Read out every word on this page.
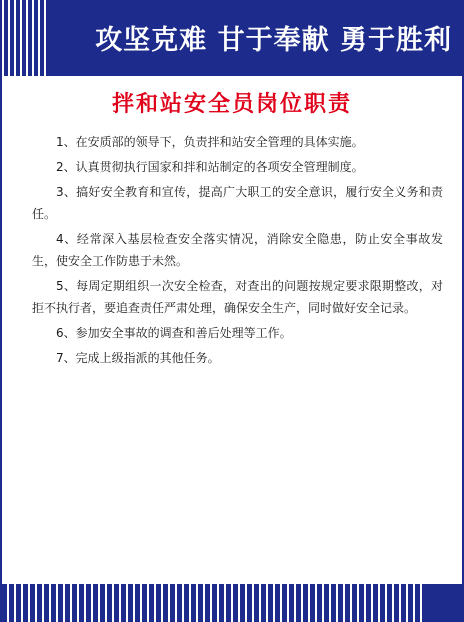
攻坚克难 甘于奉献 勇于胜利
拌和站安全员岗位职责
1、在安质部的领导下，负责拌和站安全管理的具体实施。
2、认真贯彻执行国家和拌和站制定的各项安全管理制度。
3、搞好安全教育和宣传，提高广大职工的安全意识，履行安全义务和责任。
4、经常深入基层检查安全落实情况，消除安全隐患，防止安全事故发生，使安全工作防患于未然。
5、每周定期组织一次安全检查，对查出的问题按规定要求限期整改，对拒不执行者，要追查责任严肃处理，确保安全生产，同时做好安全记录。
6、参加安全事故的调查和善后处理等工作。
7、完成上级指派的其他任务。
